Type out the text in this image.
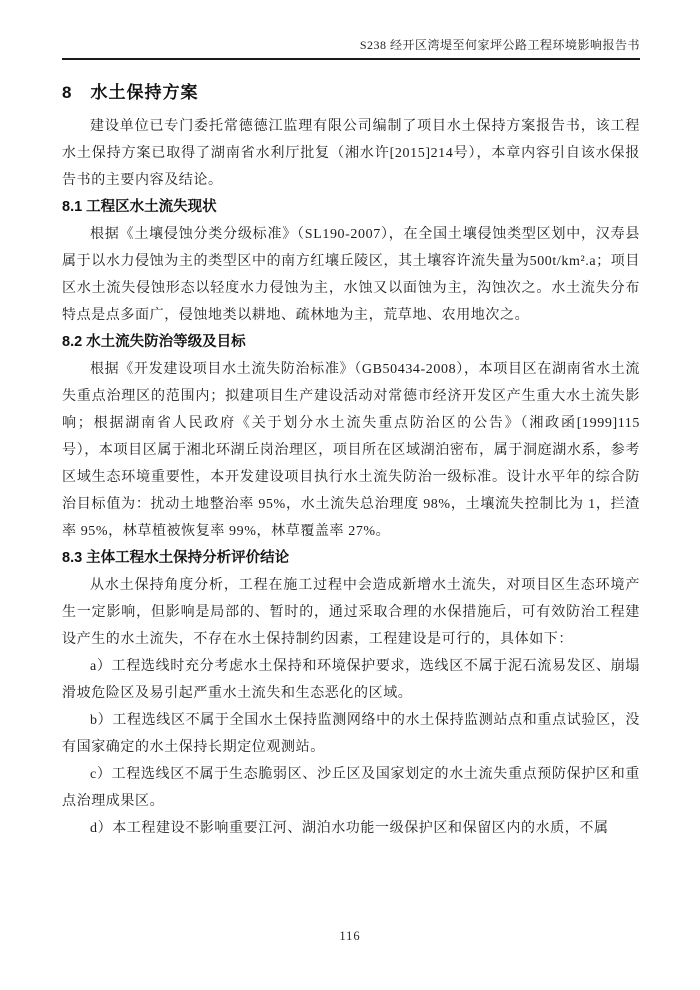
S238 经开区湾堤至何家坪公路工程环境影响报告书
8　水土保持方案
建设单位已专门委托常德德江监理有限公司编制了项目水土保持方案报告书，该工程水土保持方案已取得了湖南省水利厅批复（湘水许[2015]214号），本章内容引自该水保报告书的主要内容及结论。
8.1 工程区水土流失现状
根据《土壤侵蚀分类分级标准》（SL190-2007），在全国土壤侵蚀类型区划中，汉寿县属于以水力侵蚀为主的类型区中的南方红壤丘陵区，其土壤容许流失量为500t/km².a；项目区水土流失侵蚀形态以轻度水力侵蚀为主，水蚀又以面蚀为主，沟蚀次之。水土流失分布特点是点多面广，侵蚀地类以耕地、疏林地为主，荒草地、农用地次之。
8.2 水土流失防治等级及目标
根据《开发建设项目水土流失防治标准》（GB50434-2008），本项目区在湖南省水土流失重点治理区的范围内；拟建项目生产建设活动对常德市经济开发区产生重大水土流失影响；根据湖南省人民政府《关于划分水土流失重点防治区的公告》（湘政函[1999]115 号），本项目区属于湘北环湖丘岗治理区，项目所在区域湖泊密布，属于洞庭湖水系，参考区域生态环境重要性，本开发建设项目执行水土流失防治一级标准。设计水平年的综合防治目标值为：扰动土地整治率 95%，水土流失总治理度 98%，土壤流失控制比为 1，拦渣率 95%，林草植被恢复率 99%，林草覆盖率 27%。
8.3 主体工程水土保持分析评价结论
从水土保持角度分析，工程在施工过程中会造成新增水土流失，对项目区生态环境产生一定影响，但影响是局部的、暂时的，通过采取合理的水保措施后，可有效防治工程建设产生的水土流失，不存在水土保持制约因素，工程建设是可行的，具体如下：
a）工程选线时充分考虑水土保持和环境保护要求，选线区不属于泥石流易发区、崩塌滑坡危险区及易引起严重水土流失和生态恶化的区域。
b）工程选线区不属于全国水土保持监测网络中的水土保持监测站点和重点试验区，没有国家确定的水土保持长期定位观测站。
c）工程选线区不属于生态脆弱区、沙丘区及国家划定的水土流失重点预防保护区和重点治理成果区。
d）本工程建设不影响重要江河、湖泊水功能一级保护区和保留区内的水质，不属
116
